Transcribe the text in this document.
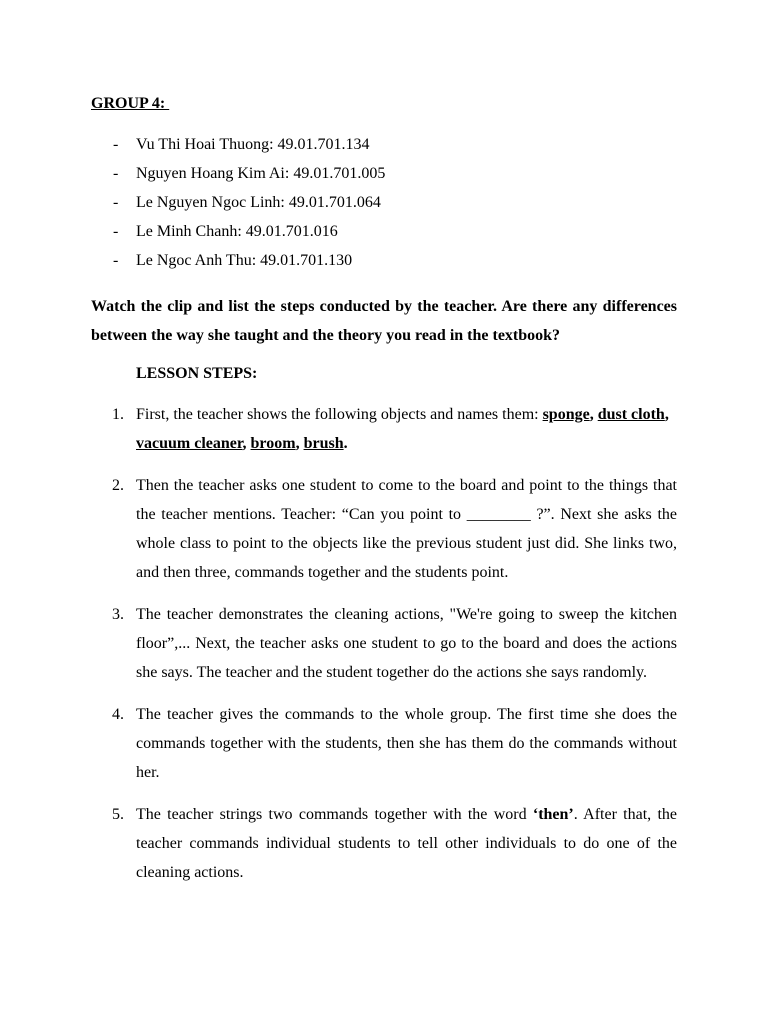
GROUP 4:
- Vu Thi Hoai Thuong: 49.01.701.134
- Nguyen Hoang Kim Ai: 49.01.701.005
- Le Nguyen Ngoc Linh: 49.01.701.064
- Le Minh Chanh: 49.01.701.016
- Le Ngoc Anh Thu: 49.01.701.130
Watch the clip and list the steps conducted by the teacher. Are there any differences between the way she taught and the theory you read in the textbook?
LESSON STEPS:
1. First, the teacher shows the following objects and names them: sponge, dust cloth,
vacuum cleaner, broom, brush.
2. Then the teacher asks one student to come to the board and point to the things that the teacher mentions. Teacher: “Can you point to ________ ?”. Next she asks the whole class to point to the objects like the previous student just did. She links two, and then three, commands together and the students point.
3. The teacher demonstrates the cleaning actions, "We're going to sweep the kitchen floor”,... Next, the teacher asks one student to go to the board and does the actions she says. The teacher and the student together do the actions she says randomly.
4. The teacher gives the commands to the whole group. The first time she does the commands together with the students, then she has them do the commands without her.
5. The teacher strings two commands together with the word ‘then’. After that, the teacher commands individual students to tell other individuals to do one of the cleaning actions.
